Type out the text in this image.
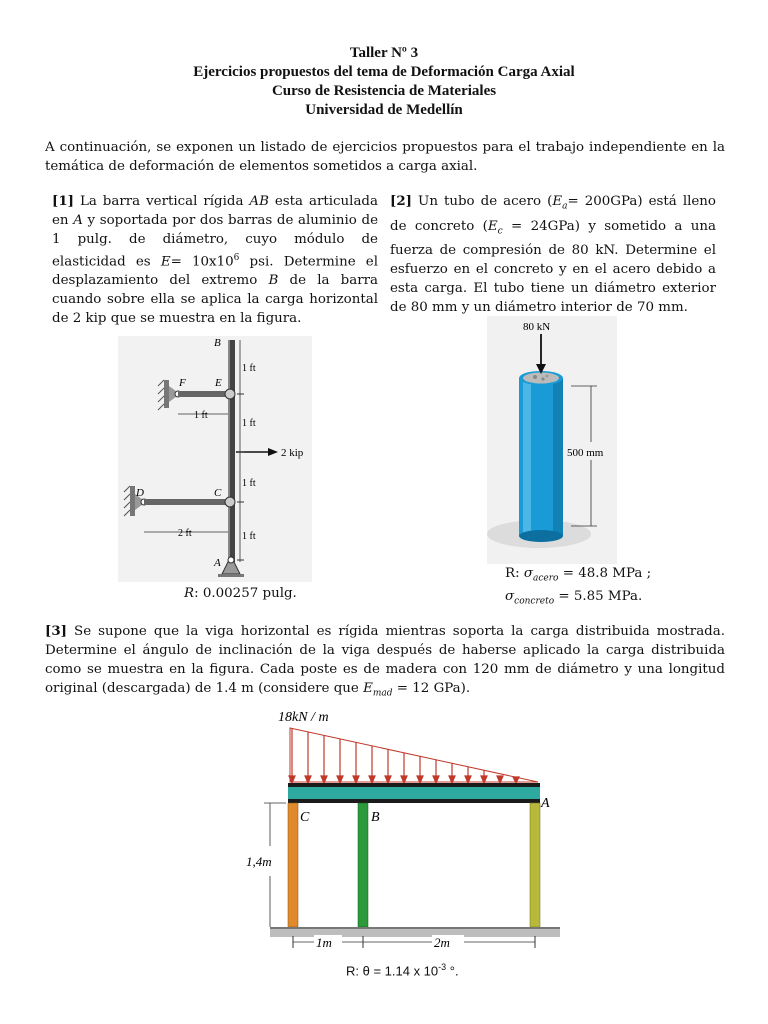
Taller Nº 3
Ejercicios propuestos del tema de Deformación Carga Axial
Curso de Resistencia de Materiales
Universidad de Medellín
A continuación, se exponen un listado de ejercicios propuestos para el trabajo independiente en la temática de deformación de elementos sometidos a carga axial.
[1] La barra vertical rígida AB esta articulada en A y soportada por dos barras de aluminio de 1 pulg. de diámetro, cuyo módulo de elasticidad es $E= 10x10^6$ psi. Determine el desplazamiento del extremo B de la barra cuando sobre ella se aplica la carga horizontal de 2 kip que se muestra en la figura.
[2] Un tubo de acero $(E_a= 200GPa)$ está lleno de concreto $(E_c = 24GPa)$ y sometido a una fuerza de compresión de 80 kN. Determine el esfuerzo en el concreto y en el acero debido a esta carga. El tubo tiene un diámetro exterior de 80 mm y un diámetro interior de 70 mm.
B
E
F
C
D
A
1 ft
1 ft
1 ft
1 ft
1 ft
2 ft
2 kip
R: 0.00257 pulg.
80 kN
500 mm
R: $\sigma_{acero} = 48.8$ MPa ;
$\sigma_{concreto} = 5.85$ MPa.
[3] Se supone que la viga horizontal es rígida mientras soporta la carga distribuida mostrada. Determine el ángulo de inclinación de la viga después de haberse aplicado la carga distribuida como se muestra en la figura. Cada poste es de madera con 120 mm de diámetro y una longitud original (descargada) de 1.4 m (considere que $E_{mad} = 12$ GPa).
18kN / m
C	B
A
1,4m
1m	2m
R: θ = 1.14 x $10^{-3}$ °.
